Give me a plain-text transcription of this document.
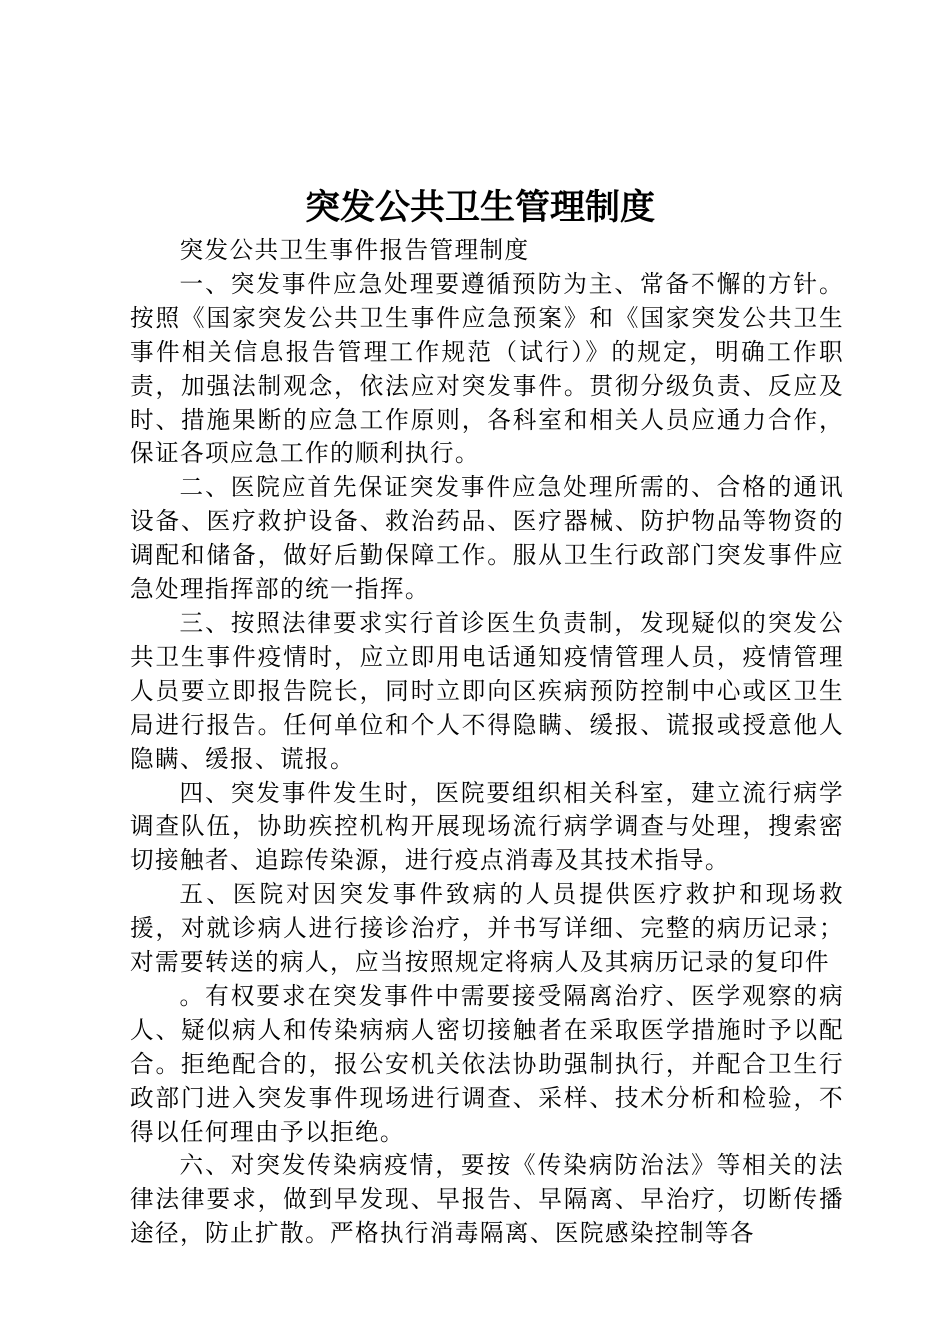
突发公共卫生管理制度

突发公共卫生事件报告管理制度

一、突发事件应急处理要遵循预防为主、常备不懈的方针。按照《国家突发公共卫生事件应急预案》和《国家突发公共卫生事件相关信息报告管理工作规范（试行）》的规定，明确工作职责，加强法制观念，依法应对突发事件。贯彻分级负责、反应及时、措施果断的应急工作原则，各科室和相关人员应通力合作，保证各项应急工作的顺利执行。

二、医院应首先保证突发事件应急处理所需的、合格的通讯设备、医疗救护设备、救治药品、医疗器械、防护物品等物资的调配和储备，做好后勤保障工作。服从卫生行政部门突发事件应急处理指挥部的统一指挥。

三、按照法律要求实行首诊医生负责制，发现疑似的突发公共卫生事件疫情时，应立即用电话通知疫情管理人员，疫情管理人员要立即报告院长，同时立即向区疾病预防控制中心或区卫生局进行报告。任何单位和个人不得隐瞒、缓报、谎报或授意他人隐瞒、缓报、谎报。

四、突发事件发生时，医院要组织相关科室，建立流行病学调查队伍，协助疾控机构开展现场流行病学调查与处理，搜索密切接触者、追踪传染源，进行疫点消毒及其技术指导。

五、医院对因突发事件致病的人员提供医疗救护和现场救援，对就诊病人进行接诊治疗，并书写详细、完整的病历记录；对需要转送的病人，应当按照规定将病人及其病历记录的复印件

。有权要求在突发事件中需要接受隔离治疗、医学观察的病人、疑似病人和传染病病人密切接触者在采取医学措施时予以配合。拒绝配合的，报公安机关依法协助强制执行，并配合卫生行政部门进入突发事件现场进行调查、采样、技术分析和检验，不得以任何理由予以拒绝。

六、对突发传染病疫情，要按《传染病防治法》等相关的法律法律要求，做到早发现、早报告、早隔离、早治疗，切断传播途径，防止扩散。严格执行消毒隔离、医院感染控制等各
